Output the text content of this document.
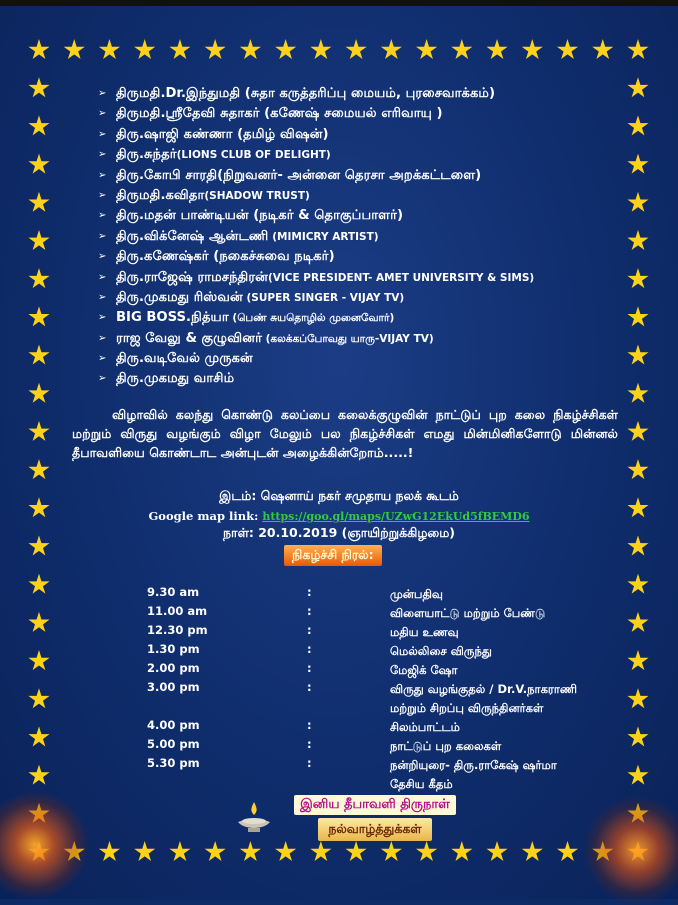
➢ திருமதி.Dr.இந்துமதி (சுதா கருத்தரிப்பு மையம், புரசைவாக்கம்)
➢ திருமதி.ஸ்ரீதேவி சுதாகர் (கணேஷ் சமையல் எரிவாயு )
➢ திரு.ஷாஜி கண்ணா (தமிழ் விஷன்)
➢ திரு.சுந்தர்(LIONS CLUB OF DELIGHT)
➢ திரு.கோபி சாரதி(நிறுவனர்- அன்னை தெரசா அறக்கட்டளை)
➢ திருமதி.கவிதா(SHADOW TRUST)
➢ திரு.மதன் பாண்டியன் (நடிகர் & தொகுப்பாளர்)
➢ திரு.விக்னேஷ் ஆன்டணி (MIMICRY ARTIST)
➢ திரு.கணேஷ்கர் (நகைச்சுவை நடிகர்)
➢ திரு.ராஜேஷ் ராமசந்திரன்(VICE PRESIDENT- AMET UNIVERSITY & SIMS)
➢ திரு.முகமது ரிஸ்வன் (SUPER SINGER - VIJAY TV)
➢ BIG BOSS.நித்யா (பெண் சுயதொழில் முனைவோர்)
➢ ராஜ வேலு & குழுவினர் (கலக்கப்போவது யாரு-VIJAY TV)
➢ திரு.வடிவேல் முருகன்
➢ திரு.முகமது வாசிம்

விழாவில் கலந்து கொண்டு கலப்பை கலைக்குழுவின் நாட்டுப் புற கலை நிகழ்ச்சிகள் மற்றும் விருது வழங்கும் விழா மேலும் பல நிகழ்ச்சிகள் எமது மின்மினிகளோடு மின்னல் தீபாவளியை கொண்டாட அன்புடன் அழைக்கின்றோம்.....!

இடம்: ஷெனாய் நகர் சமுதாய நலக் கூடம்
Google map link: https://goo.gl/maps/UZwG12EkUd5fBEMD6
நாள்: 20.10.2019 (ஞாயிற்றுக்கிழமை)
நிகழ்ச்சி நிரல்:
9.30 am	:	முன்பதிவு
11.00 am	:	விளையாட்டு மற்றும் பேண்டு
12.30 pm	:	மதிய உணவு
1.30 pm	:	மெல்லிசை விருந்து
2.00 pm	:	மேஜிக் ஷோ
3.00 pm	:	விருது வழங்குதல் / Dr.V.நாகராணி
மற்றும் சிறப்பு விருந்தினர்கள்
4.00 pm	:	சிலம்பாட்டம்
5.00 pm	:	நாட்டுப் புற கலைகள்
5.30 pm	:	நன்றியுரை- திரு.ராகேஷ் ஷர்மா
தேசிய கீதம்
இனிய தீபாவளி திருநாள்
நல்வாழ்த்துக்கள்
